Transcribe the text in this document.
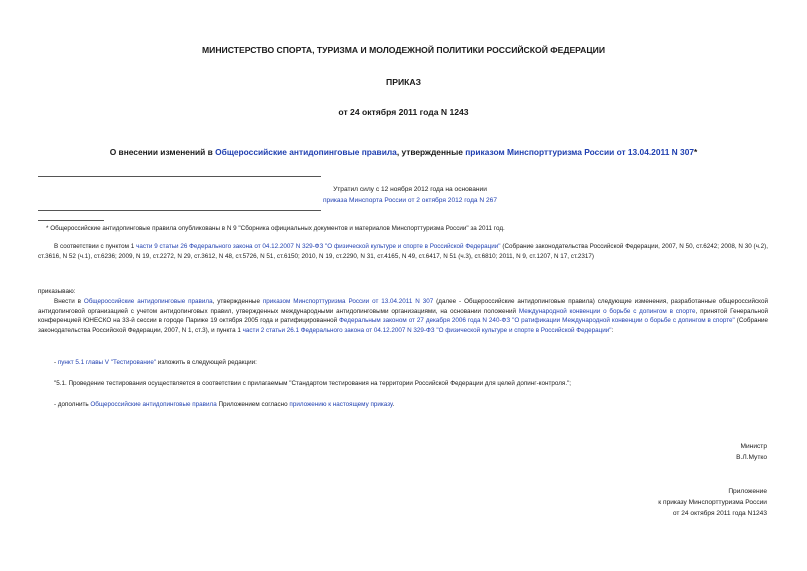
МИНИСТЕРСТВО СПОРТА, ТУРИЗМА И МОЛОДЕЖНОЙ ПОЛИТИКИ РОССИЙСКОЙ ФЕДЕРАЦИИ
ПРИКАЗ
от 24 октября 2011 года N 1243
О внесении изменений в Общероссийские антидопинговые правила, утвержденные приказом Минспорттуризма России от 13.04.2011 N 307*
Утратил силу с 12 ноября 2012 года на основании
приказа Минспорта России от 2 октября 2012 года N 267
* Общероссийские антидопинговые правила опубликованы в N 9 "Сборника официальных документов и материалов Минспорттуризма России" за 2011 год.
В соответствии с пунктом 1 части 9 статьи 26 Федерального закона от 04.12.2007 N 329-ФЗ "О физической культуре и спорте в Российской Федерации" (Собрание законодательства Российской Федерации, 2007, N 50, ст.6242; 2008, N 30 (ч.2), ст.3616, N 52 (ч.1), ст.6236; 2009, N 19, ст.2272, N 29, ст.3612, N 48, ст.5726, N 51, ст.6150; 2010, N 19, ст.2290, N 31, ст.4165, N 49, ст.6417, N 51 (ч.3), ст.6810; 2011, N 9, ст.1207, N 17, ст.2317)
приказываю:
Внести в Общероссийские антидопинговые правила, утвержденные приказом Минспорттуризма России от 13.04.2011 N 307 (далее - Общероссийские антидопинговые правила) следующие изменения, разработанные общероссийской антидопинговой организацией с учетом антидопинговых правил, утвержденных международными антидопинговыми организациями, на основании положений Международной конвенции о борьбе с допингом в спорте, принятой Генеральной конференцией ЮНЕСКО на 33-й сессии в городе Париже 19 октября 2005 года и ратифицированной Федеральным законом от 27 декабря 2006 года N 240-ФЗ "О ратификации Международной конвенции о борьбе с допингом в спорте" (Собрание законодательства Российской Федерации, 2007, N 1, ст.3), и пункта 1 части 2 статьи 26.1 Федерального закона от 04.12.2007 N 329-ФЗ "О физической культуре и спорте в Российской Федерации":
- пункт 5.1 главы V "Тестирование" изложить в следующей редакции:
"5.1. Проведение тестирования осуществляется в соответствии с прилагаемым "Стандартом тестирования на территории Российской Федерации для целей допинг-контроля.";
- дополнить Общероссийские антидопинговые правила Приложением согласно приложению к настоящему приказу.
Министр
В.Л.Мутко
Приложение
к приказу Минспорттуризма России
от 24 октября 2011 года N1243
